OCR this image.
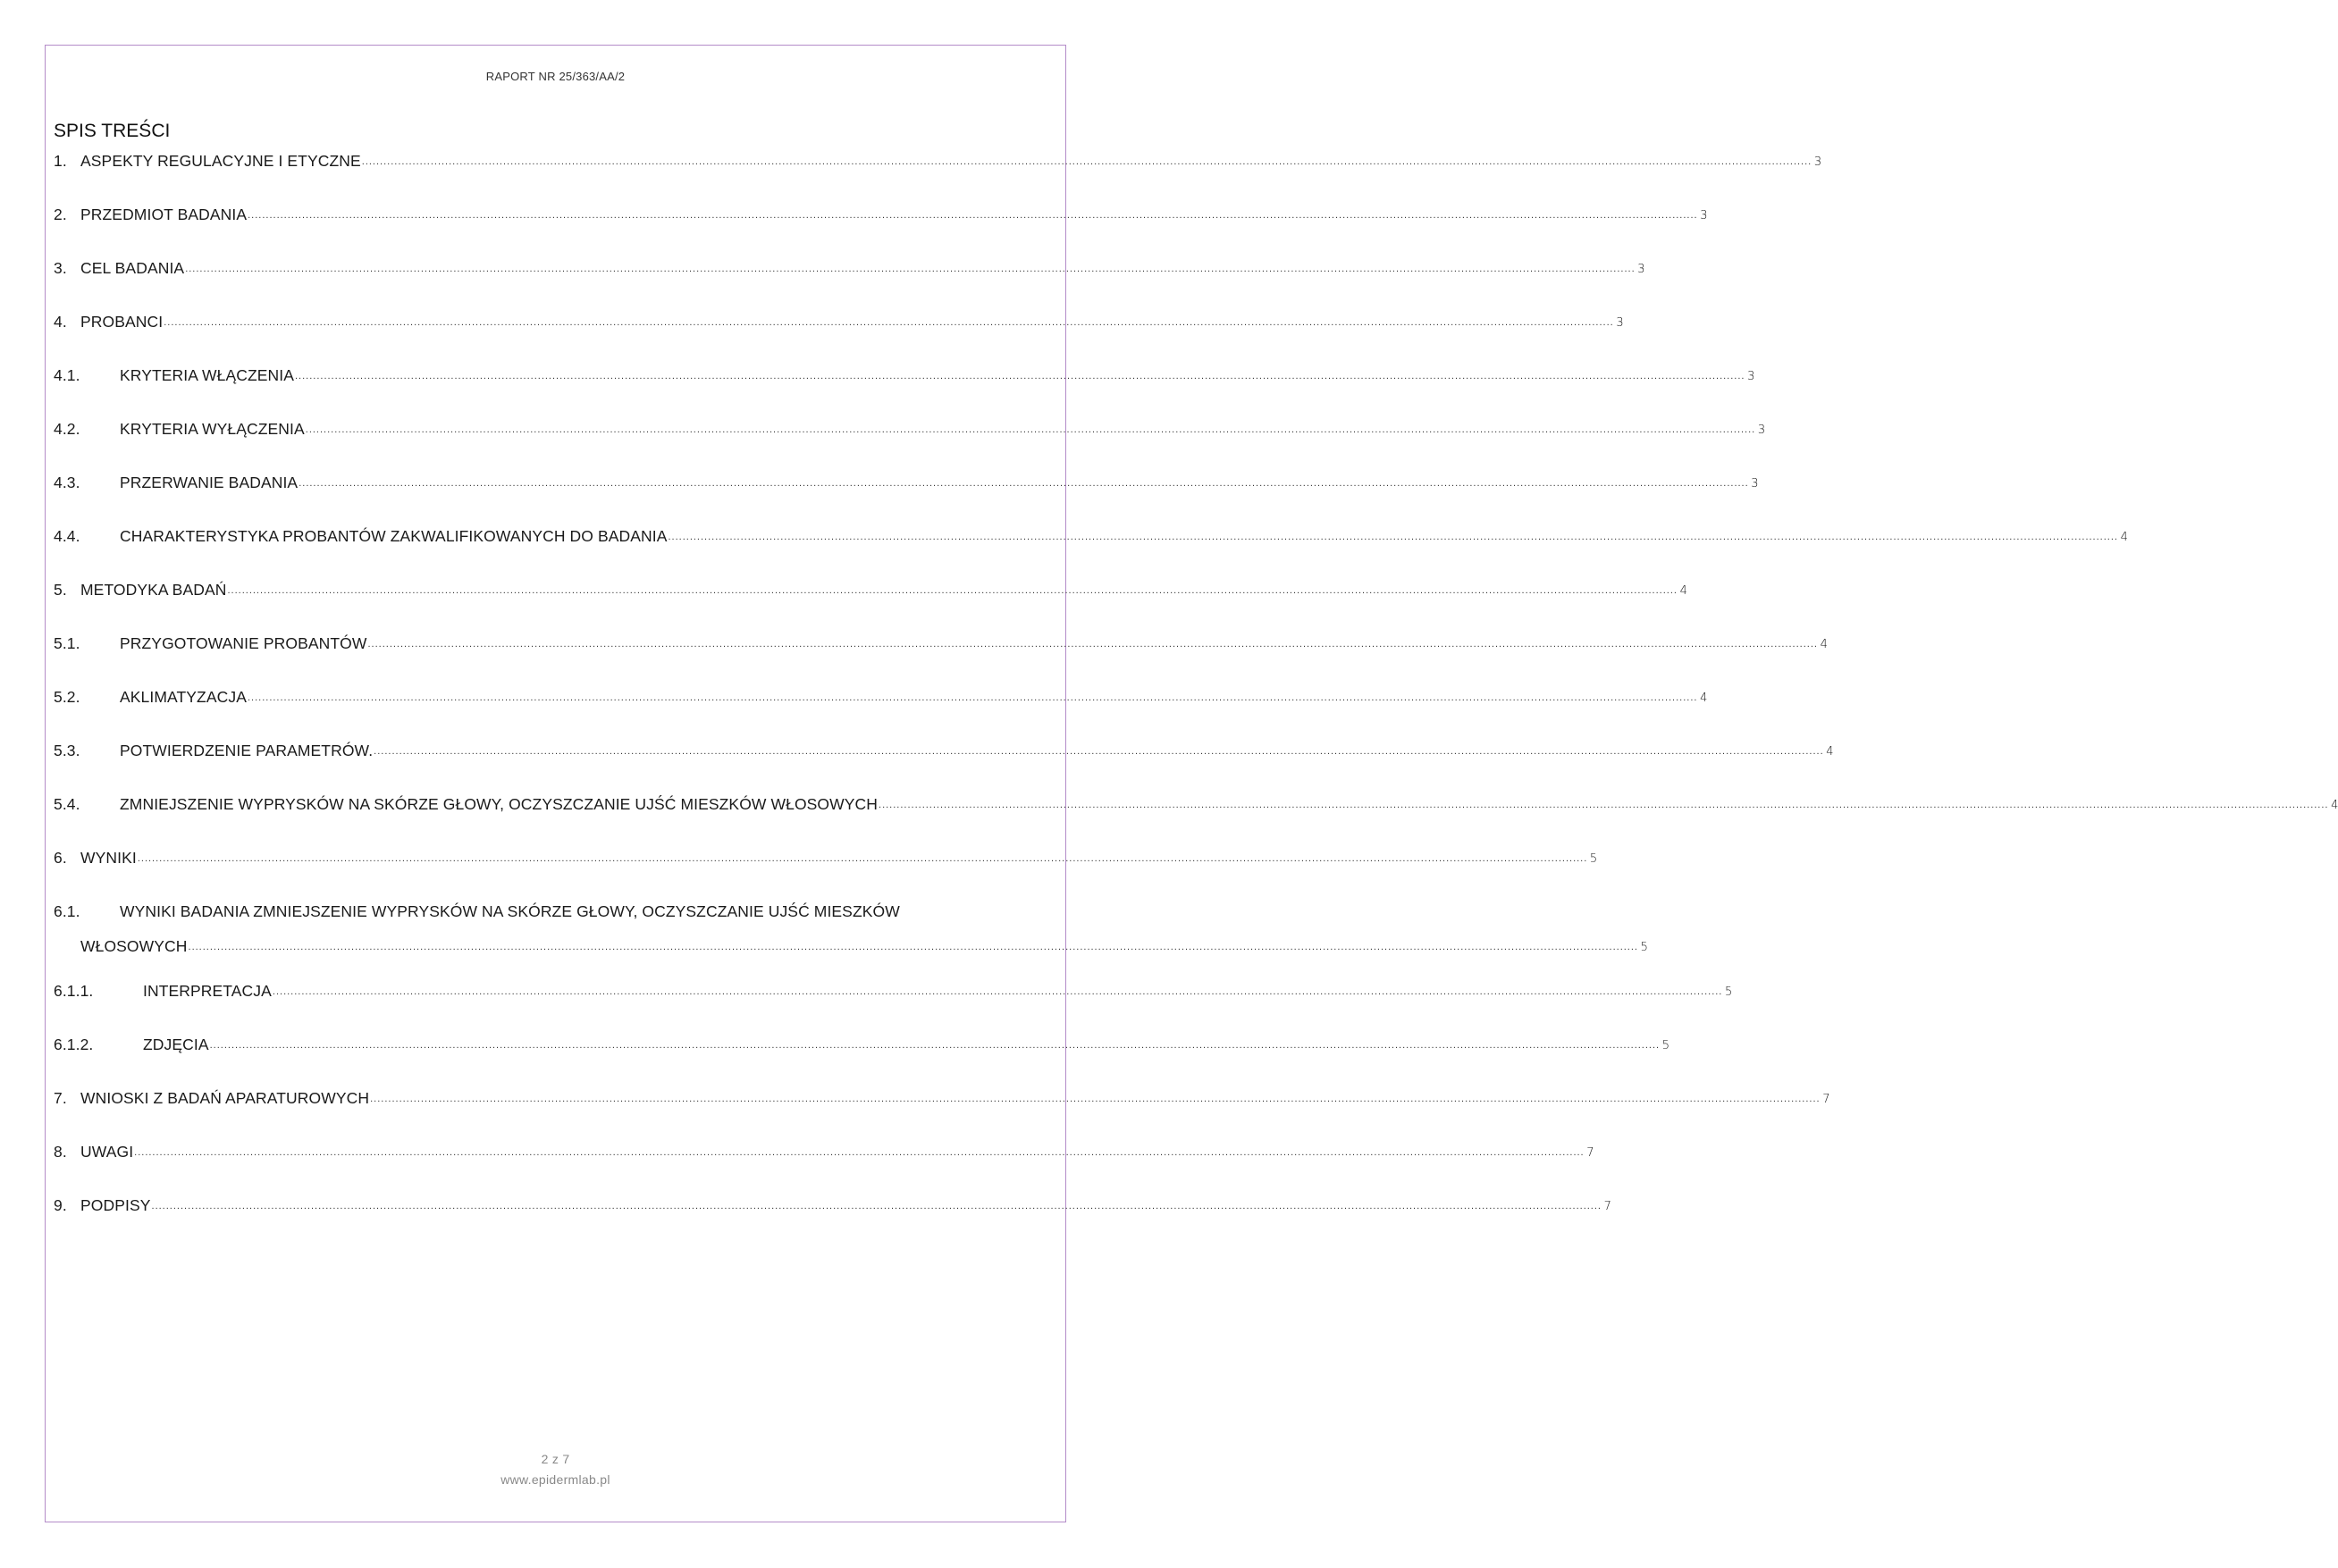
RAPORT NR 25/363/AA/2
SPIS TREŚCI
1. ASPEKTY REGULACYJNE I ETYCZNE ................................................................................................................................................................................................................................................................................................................................................................................................................ 3
2. PRZEDMIOT BADANIA ................................................................................................................................................................................................................................................................................................................................................................................................................ 3
3. CEL BADANIA ................................................................................................................................................................................................................................................................................................................................................................................................................ 3
4. PROBANCI ................................................................................................................................................................................................................................................................................................................................................................................................................ 3
4.1.	KRYTERIA WŁĄCZENIA ................................................................................................................................................................................................................................................................................................................................................................................................................ 3
4.2.	KRYTERIA WYŁĄCZENIA ................................................................................................................................................................................................................................................................................................................................................................................................................ 3
4.3.	PRZERWANIE BADANIA ................................................................................................................................................................................................................................................................................................................................................................................................................ 3
4.4.	CHARAKTERYSTYKA PROBANTÓW ZAKWALIFIKOWANYCH DO BADANIA ................................................................................................................................................................................................................................................................................................................................................................................................................ 4
5. METODYKA BADAŃ ................................................................................................................................................................................................................................................................................................................................................................................................................ 4
5.1.	PRZYGOTOWANIE PROBANTÓW ................................................................................................................................................................................................................................................................................................................................................................................................................ 4
5.2.	AKLIMATYZACJA ................................................................................................................................................................................................................................................................................................................................................................................................................ 4
5.3.	POTWIERDZENIE PARAMETRÓW. ................................................................................................................................................................................................................................................................................................................................................................................................................ 4
5.4.	ZMNIEJSZENIE WYPRYSKÓW NA SKÓRZE GŁOWY, OCZYSZCZANIE UJŚĆ MIESZKÓW WŁOSOWYCH ................................................................................................................................................................................................................................................................................................................................................................................................................ 4
6. WYNIKI ................................................................................................................................................................................................................................................................................................................................................................................................................ 5
6.1.	WYNIKI BADANIA ZMNIEJSZENIE WYPRYSKÓW NA SKÓRZE GŁOWY, OCZYSZCZANIE UJŚĆ MIESZKÓW
WŁOSOWYCH ................................................................................................................................................................................................................................................................................................................................................................................................................ 5
6.1.1.	INTERPRETACJA ................................................................................................................................................................................................................................................................................................................................................................................................................ 5
6.1.2.	ZDJĘCIA ................................................................................................................................................................................................................................................................................................................................................................................................................ 5
7. WNIOSKI Z BADAŃ APARATUROWYCH ................................................................................................................................................................................................................................................................................................................................................................................................................ 7
8. UWAGI ................................................................................................................................................................................................................................................................................................................................................................................................................ 7
9. PODPISY ................................................................................................................................................................................................................................................................................................................................................................................................................ 7
2 z 7
www.epidermlab.pl
